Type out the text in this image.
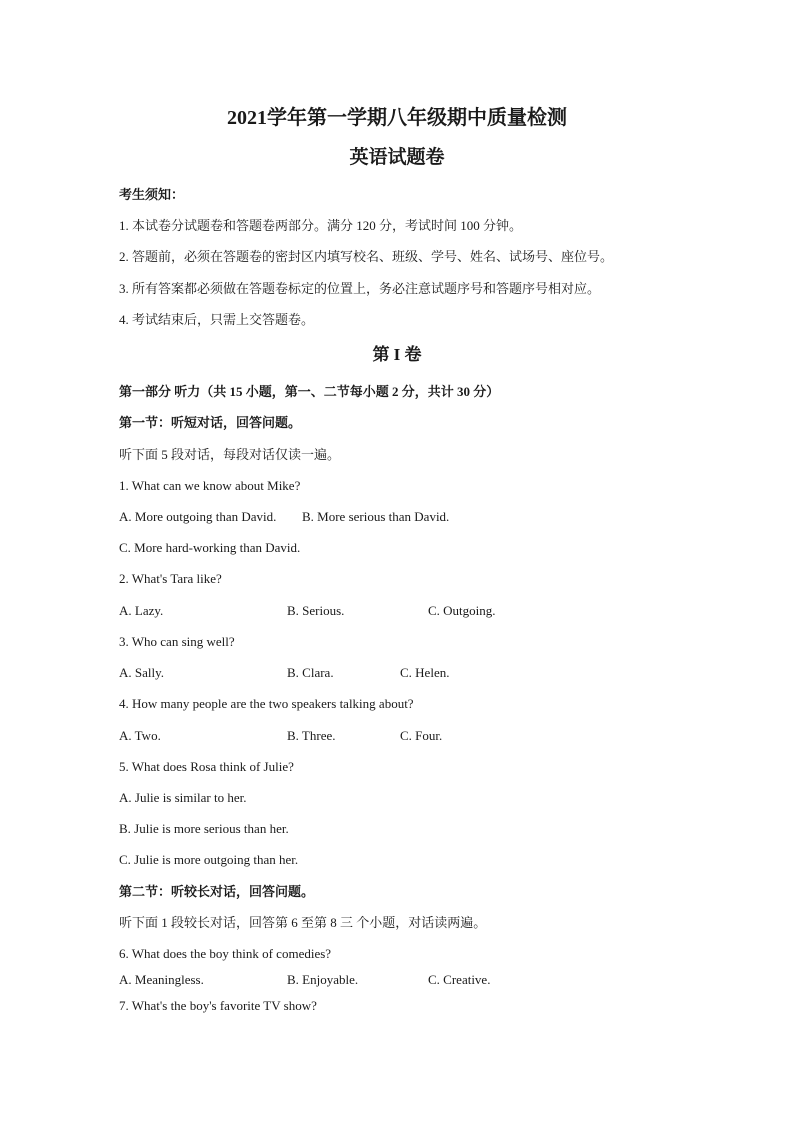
2021学年第一学期八年级期中质量检测
英语试题卷
考生须知：
1. 本试卷分试题卷和答题卷两部分。满分 120 分，考试时间 100 分钟。
2. 答题前，必须在答题卷的密封区内填写校名、班级、学号、姓名、试场号、座位号。
3. 所有答案都必须做在答题卷标定的位置上，务必注意试题序号和答题序号相对应。
4. 考试结束后，只需上交答题卷。
第 I 卷
第一部分 听力（共 15 小题，第一、二节每小题 2 分，共计 30 分）
第一节：听短对话，回答问题。
听下面 5 段对话，每段对话仅读一遍。
1. What can we know about Mike?
A. More outgoing than David. B. More serious than David.
C. More hard-working than David.
2. What's Tara like?
A. Lazy.	B. Serious.	C. Outgoing.
3. Who can sing well?
A. Sally.	B. Clara.	C. Helen.
4. How many people are the two speakers talking about?
A. Two.	B. Three.	C. Four.
5. What does Rosa think of Julie?
A. Julie is similar to her.
B. Julie is more serious than her.
C. Julie is more outgoing than her.
第二节：听较长对话，回答问题。
听下面 1 段较长对话，回答第 6 至第 8 三 个小题，对话读两遍。
6. What does the boy think of comedies?
A. Meaningless.	B. Enjoyable.	C. Creative.
7. What's the boy's favorite TV show?
